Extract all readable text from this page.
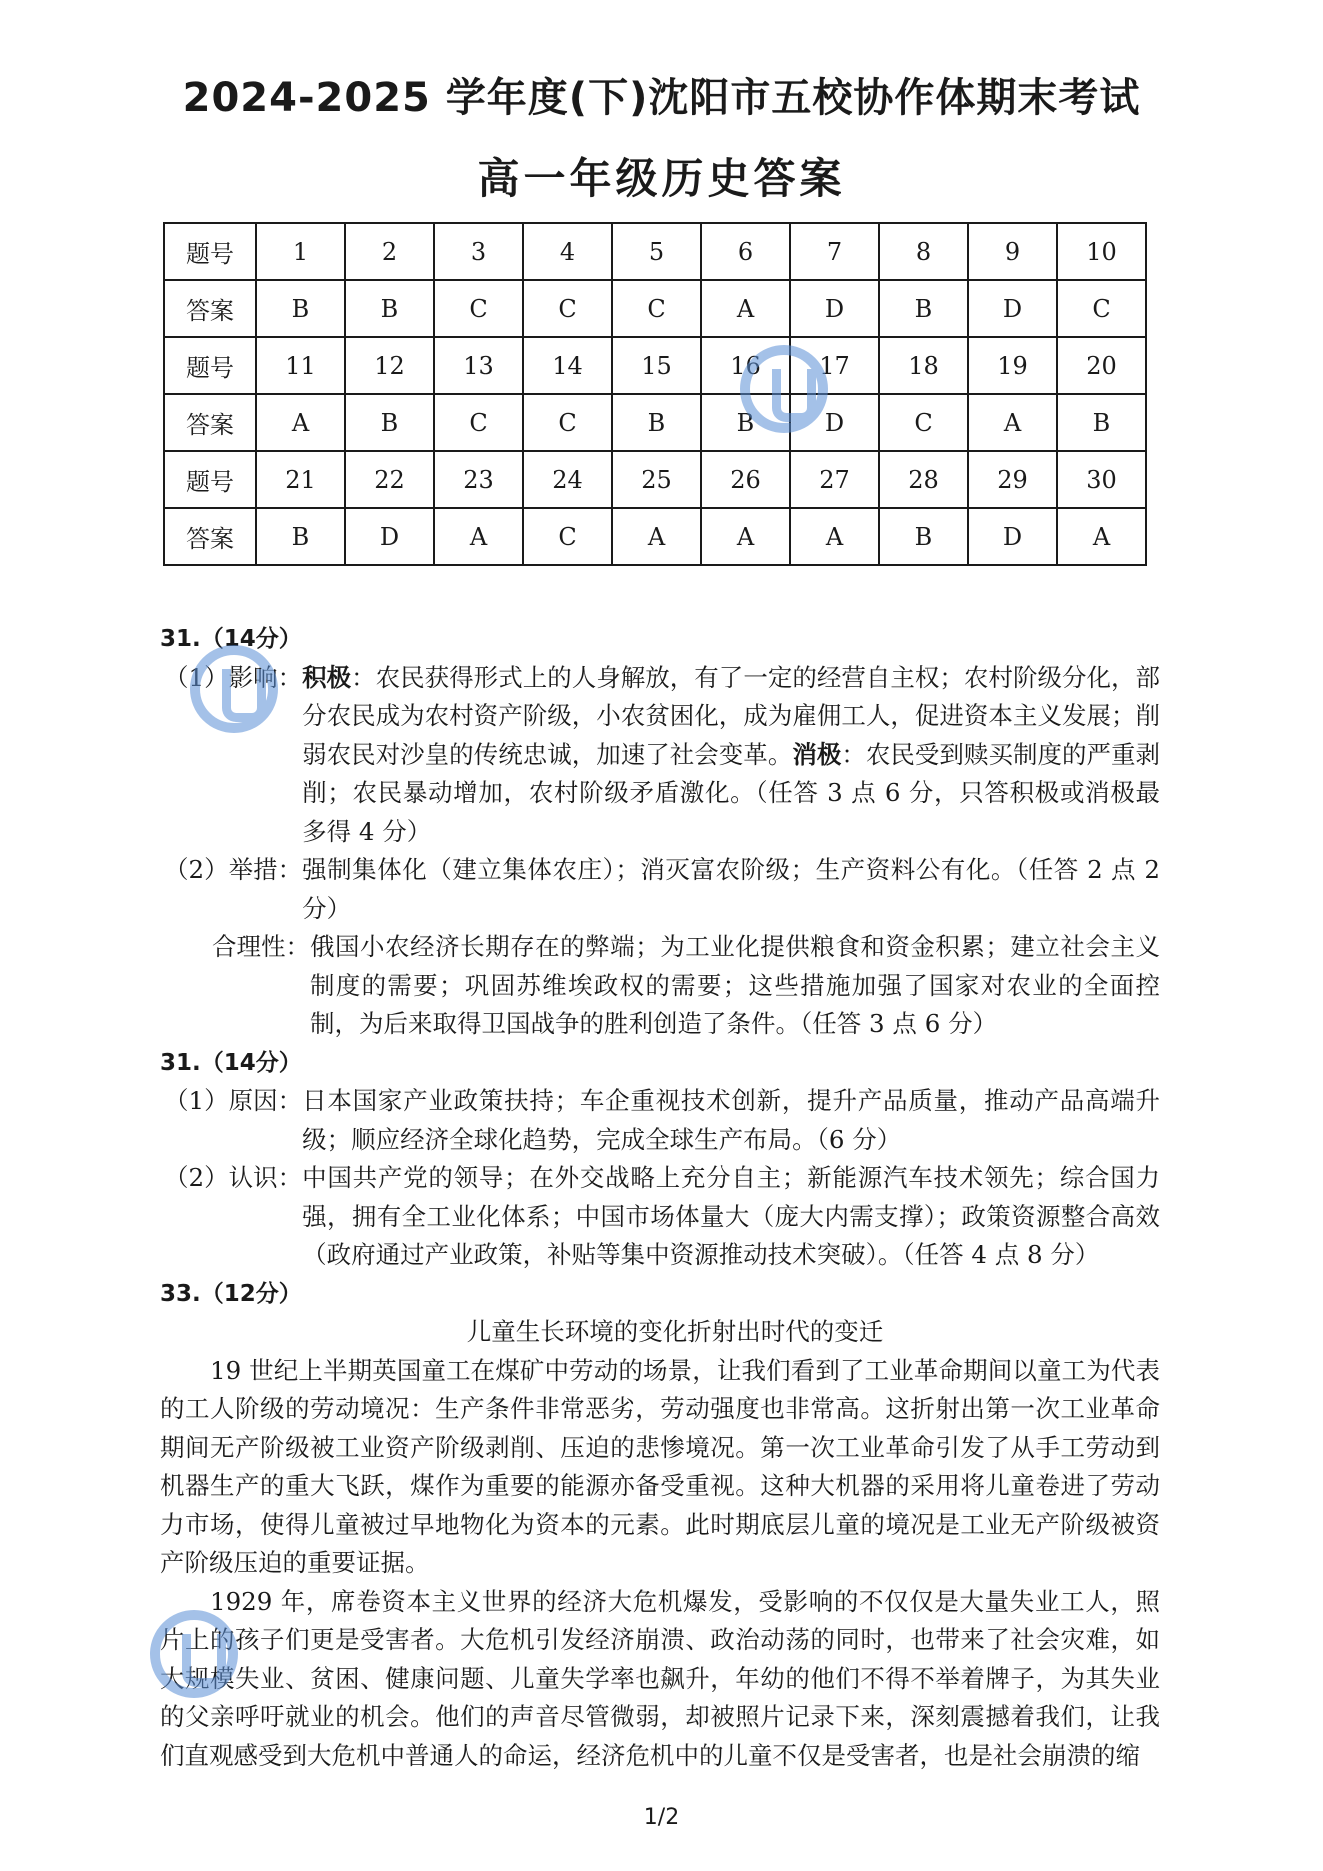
2024-2025 学年度(下)沈阳市五校协作体期末考试
高一年级历史答案
题号	1	2	3	4	5	6	7	8	9	10
答案	B	B	C	C	C	A	D	B	D	C
题号	11	12	13	14	15	16	17	18	19	20
答案	A	B	C	C	B	B	D	C	A	B
题号	21	22	23	24	25	26	27	28	29	30
答案	B	D	A	C	A	A	A	B	D	A
31.（14分）
（1）影响： 积极：农民获得形式上的人身解放，有了一定的经营自主权；农村阶级分化，部分农民成为农村资产阶级，小农贫困化，成为雇佣工人，促进资本主义发展；削弱农民对沙皇的传统忠诚，加速了社会变革。消极：农民受到赎买制度的严重剥削；农民暴动增加，农村阶级矛盾激化。（任答 3 点 6 分，只答积极或消极最多得 4 分）
（2）举措： 强制集体化（建立集体农庄）；消灭富农阶级；生产资料公有化。（任答 2 点 2 分）
合理性： 俄国小农经济长期存在的弊端；为工业化提供粮食和资金积累；建立社会主义制度的需要；巩固苏维埃政权的需要；这些措施加强了国家对农业的全面控制，为后来取得卫国战争的胜利创造了条件。（任答 3 点 6 分）
31.（14分）
（1）原因： 日本国家产业政策扶持；车企重视技术创新，提升产品质量，推动产品高端升级；顺应经济全球化趋势，完成全球生产布局。（6 分）
（2）认识： 中国共产党的领导；在外交战略上充分自主；新能源汽车技术领先；综合国力强，拥有全工业化体系；中国市场体量大（庞大内需支撑）；政策资源整合高效（政府通过产业政策，补贴等集中资源推动技术突破）。（任答 4 点 8 分）
33.（12分）
儿童生长环境的变化折射出时代的变迁
19 世纪上半期英国童工在煤矿中劳动的场景，让我们看到了工业革命期间以童工为代表的工人阶级的劳动境况：生产条件非常恶劣，劳动强度也非常高。这折射出第一次工业革命期间无产阶级被工业资产阶级剥削、压迫的悲惨境况。第一次工业革命引发了从手工劳动到机器生产的重大飞跃，煤作为重要的能源亦备受重视。这种大机器的采用将儿童卷进了劳动力市场，使得儿童被过早地物化为资本的元素。此时期底层儿童的境况是工业无产阶级被资产阶级压迫的重要证据。
1929 年，席卷资本主义世界的经济大危机爆发，受影响的不仅仅是大量失业工人，照片上的孩子们更是受害者。大危机引发经济崩溃、政治动荡的同时，也带来了社会灾难，如大规模失业、贫困、健康问题、儿童失学率也飙升，年幼的他们不得不举着牌子，为其失业的父亲呼吁就业的机会。他们的声音尽管微弱，却被照片记录下来，深刻震撼着我们，让我们直观感受到大危机中普通人的命运，经济危机中的儿童不仅是受害者，也是社会崩溃的缩
1/2
